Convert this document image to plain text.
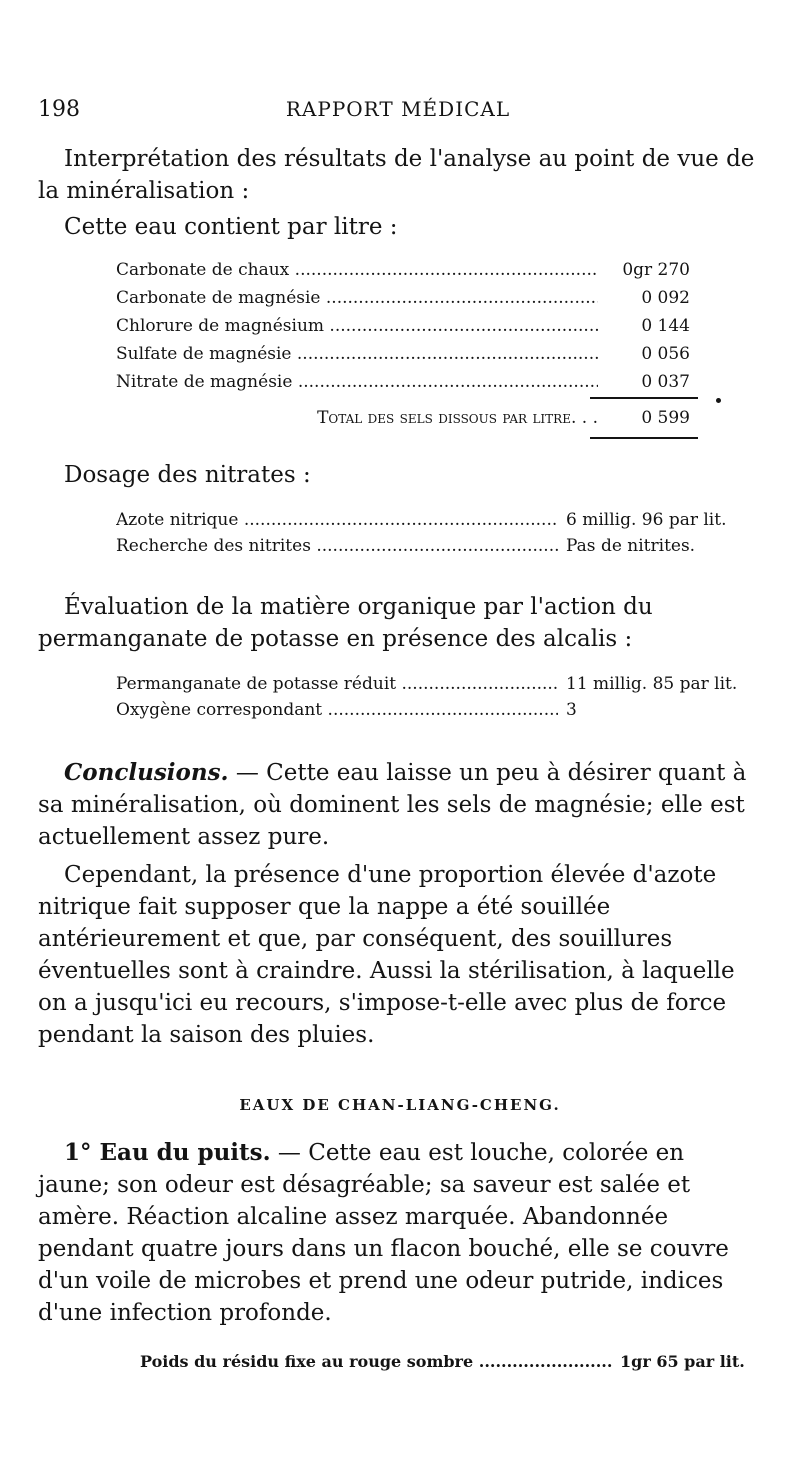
198	RAPPORT MÉDICAL
Interprétation des résultats de l'analyse au point de vue de la minéralisation :
Cette eau contient par litre :
Carbonate de chaux .....	0gr 270
Carbonate de magnésie .....	0 092
Chlorure de magnésium .....	0 144
Sulfate de magnésie .....	0 056
Nitrate de magnésie .....	0 037
Total des sels dissous par litre. . .	0 599
Dosage des nitrates :
Azote nitrique .....	6 millig. 96 par lit.
Recherche des nitrites .....	Pas de nitrites.
Évaluation de la matière organique par l'action du permanganate de potasse en présence des alcalis :
Permanganate de potasse réduit .....	11 millig. 85 par lit.
Oxygène correspondant .....	3
Conclusions. — Cette eau laisse un peu à désirer quant à sa minéralisation, où dominent les sels de magnésie; elle est actuellement assez pure.
Cependant, la présence d'une proportion élevée d'azote nitrique fait supposer que la nappe a été souillée antérieurement et que, par conséquent, des souillures éventuelles sont à craindre. Aussi la stérilisation, à laquelle on a jusqu'ici eu recours, s'impose-t-elle avec plus de force pendant la saison des pluies.
EAUX DE CHAN-LIANG-CHENG.
1° Eau du puits. — Cette eau est louche, colorée en jaune; son odeur est désagréable; sa saveur est salée et amère. Réaction alcaline assez marquée. Abandonnée pendant quatre jours dans un flacon bouché, elle se couvre d'un voile de microbes et prend une odeur putride, indices d'une infection profonde.
Poids du résidu fixe au rouge sombre .....	1gr 65 par lit.
